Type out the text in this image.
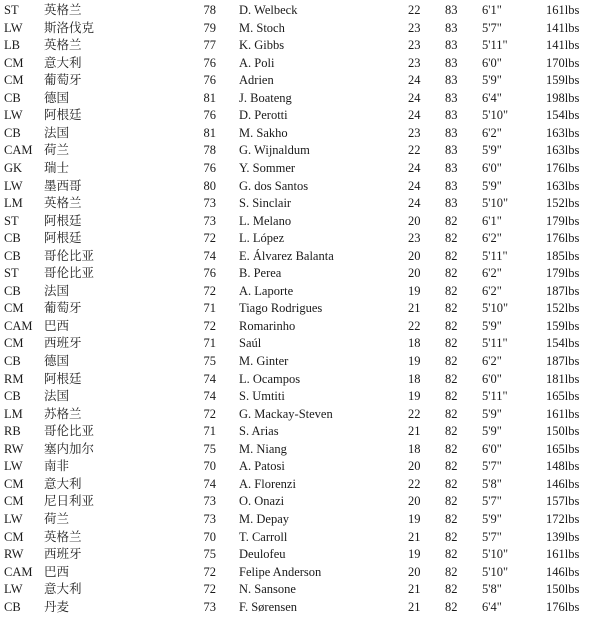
ST 英格兰	78 D. Welbeck	22 83 6'1"	161lbs
LW 斯洛伐克	79 M. Stoch	23 83 5'7"	141lbs
LB 英格兰	77 K. Gibbs	23 83 5'11"	141lbs
CM 意大利	76 A. Poli	23 83 6'0"	170lbs
CM 葡萄牙	76 Adrien	24 83 5'9"	159lbs
CB 德国	81 J. Boateng	24 83 6'4"	198lbs
LW 阿根廷	76 D. Perotti	24 83 5'10"	154lbs
CB 法国	81 M. Sakho	23 83 6'2"	163lbs
CAM 荷兰	78 G. Wijnaldum	22 83 5'9"	163lbs
GK 瑞士	76 Y. Sommer	24 83 6'0"	176lbs
LW 墨西哥	80 G. dos Santos	24 83 5'9"	163lbs
LM 英格兰	73 S. Sinclair	24 83 5'10"	152lbs
ST 阿根廷	73 L. Melano	20 82 6'1"	179lbs
CB 阿根廷	72 L. López	23 82 6'2"	176lbs
CB 哥伦比亚	74 E. Álvarez Balanta	20 82 5'11"	185lbs
ST 哥伦比亚	76 B. Perea	20 82 6'2"	179lbs
CB 法国	72 A. Laporte	19 82 6'2"	187lbs
CM 葡萄牙	71 Tiago Rodrigues	21 82 5'10"	152lbs
CAM 巴西	72 Romarinho	22 82 5'9"	159lbs
CM 西班牙	71 Saúl	18 82 5'11"	154lbs
CB 德国	75 M. Ginter	19 82 6'2"	187lbs
RM 阿根廷	74 L. Ocampos	18 82 6'0"	181lbs
CB 法国	74 S. Umtiti	19 82 5'11"	165lbs
LM 苏格兰	72 G. Mackay-Steven	22 82 5'9"	161lbs
RB 哥伦比亚	71 S. Arias	21 82 5'9"	150lbs
RW 塞内加尔	75 M. Niang	18 82 6'0"	165lbs
LW 南非	70 A. Patosi	20 82 5'7"	148lbs
CM 意大利	74 A. Florenzi	22 82 5'8"	146lbs
CM 尼日利亚	73 O. Onazi	20 82 5'7"	157lbs
LW 荷兰	73 M. Depay	19 82 5'9"	172lbs
CM 英格兰	70 T. Carroll	21 82 5'7"	139lbs
RW 西班牙	75 Deulofeu	19 82 5'10"	161lbs
CAM 巴西	72 Felipe Anderson	20 82 5'10"	146lbs
LW 意大利	72 N. Sansone	21 82 5'8"	150lbs
CB 丹麦	73 F. Sørensen	21 82 6'4"	176lbs
